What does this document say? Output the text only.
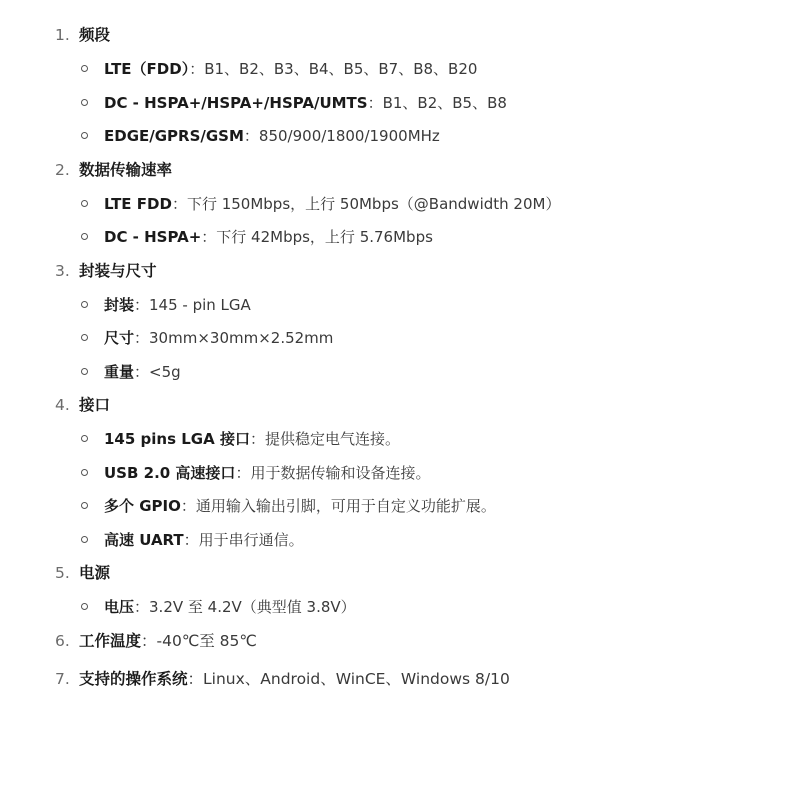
1. 频段
LTE（FDD）：B1、B2、B3、B4、B5、B7、B8、B20
DC - HSPA+/HSPA+/HSPA/UMTS：B1、B2、B5、B8
EDGE/GPRS/GSM：850/900/1800/1900MHz
2. 数据传输速率
LTE FDD：下行 150Mbps，上行 50Mbps（@Bandwidth 20M）
DC - HSPA+：下行 42Mbps，上行 5.76Mbps
3. 封装与尺寸
封装：145 - pin LGA
尺寸：30mm×30mm×2.52mm
重量：<5g
4. 接口
145 pins LGA 接口：提供稳定电气连接。
USB 2.0 高速接口：用于数据传输和设备连接。
多个 GPIO：通用输入输出引脚，可用于自定义功能扩展。
高速 UART：用于串行通信。
5. 电源
电压：3.2V 至 4.2V（典型值 3.8V）
6. 工作温度：-40℃至 85℃
7. 支持的操作系统：Linux、Android、WinCE、Windows 8/10
